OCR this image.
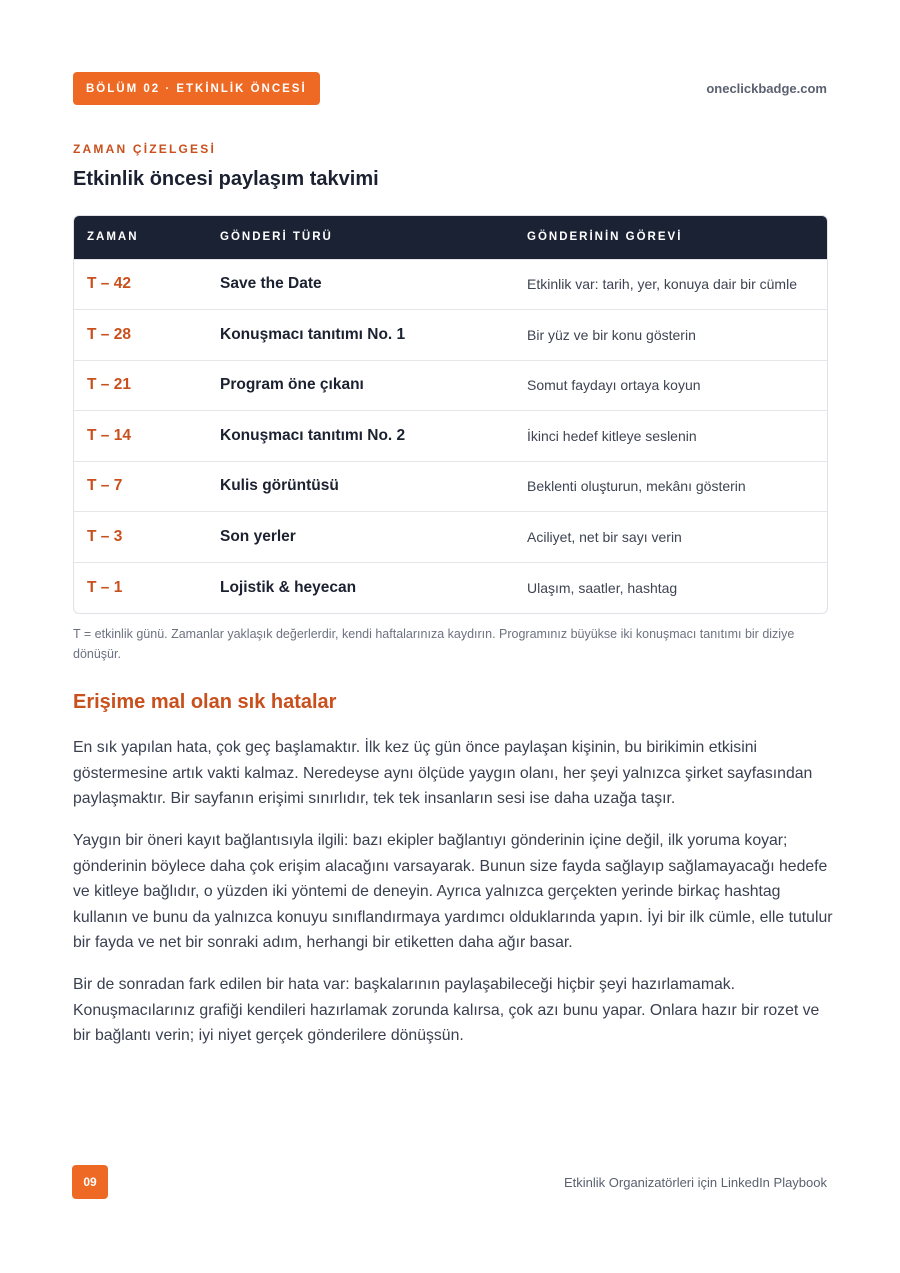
BÖLÜM 02 · ETKİNLİK ÖNCESİ	oneclickbadge.com
ZAMAN ÇİZELGESİ
Etkinlik öncesi paylaşım takvimi
ZAMAN	GÖNDERİ TÜRÜ	GÖNDERİNİN GÖREVİ
T – 42	Save the Date	Etkinlik var: tarih, yer, konuya dair bir cümle
T – 28	Konuşmacı tanıtımı No. 1	Bir yüz ve bir konu gösterin
T – 21	Program öne çıkanı	Somut faydayı ortaya koyun
T – 14	Konuşmacı tanıtımı No. 2	İkinci hedef kitleye seslenin
T – 7	Kulis görüntüsü	Beklenti oluşturun, mekânı gösterin
T – 3	Son yerler	Aciliyet, net bir sayı verin
T – 1	Lojistik & heyecan	Ulaşım, saatler, hashtag
T = etkinlik günü. Zamanlar yaklaşık değerlerdir, kendi haftalarınıza kaydırın. Programınız büyükse iki konuşmacı tanıtımı bir diziye dönüşür.
Erişime mal olan sık hatalar

En sık yapılan hata, çok geç başlamaktır. İlk kez üç gün önce paylaşan kişinin, bu birikimin etkisini göstermesine artık vakti kalmaz. Neredeyse aynı ölçüde yaygın olanı, her şeyi yalnızca şirket sayfasından paylaşmaktır. Bir sayfanın erişimi sınırlıdır, tek tek insanların sesi ise daha uzağa taşır.

Yaygın bir öneri kayıt bağlantısıyla ilgili: bazı ekipler bağlantıyı gönderinin içine değil, ilk yoruma koyar; gönderinin böylece daha çok erişim alacağını varsayarak. Bunun size fayda sağlayıp sağlamayacağı hedefe ve kitleye bağlıdır, o yüzden iki yöntemi de deneyin. Ayrıca yalnızca gerçekten yerinde birkaç hashtag kullanın ve bunu da yalnızca konuyu sınıflandırmaya yardımcı olduklarında yapın. İyi bir ilk cümle, elle tutulur bir fayda ve net bir sonraki adım, herhangi bir etiketten daha ağır basar.

Bir de sonradan fark edilen bir hata var: başkalarının paylaşabileceği hiçbir şeyi hazırlamamak. Konuşmacılarınız grafiği kendileri hazırlamak zorunda kalırsa, çok azı bunu yapar. Onlara hazır bir rozet ve bir bağlantı verin; iyi niyet gerçek gönderilere dönüşsün.

09	Etkinlik Organizatörleri için LinkedIn Playbook
